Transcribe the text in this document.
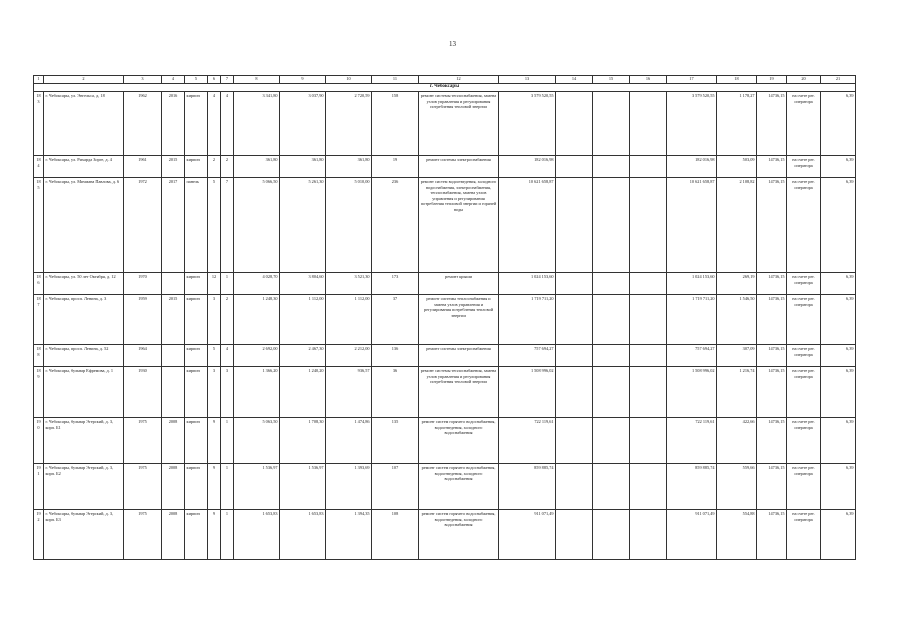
13
1	2	3	4	5	6	7	8	9	10	11	12	13	14	15	16	17	18	19	20	21
г. Чебоксары																				
183	г. Чебоксары, ул. Энгельса, д. 18	1962	2016	кирпич	4	4	3 341,80	3 037,90	2 720,59	158	ремонт системы теплоснабжения, замена узлов управления и регулирования потребления тепловой энергии	3 579 520,55				3 579 520,55	1 178,27	14736,15	на счете рег. оператора	6,39
184	г. Чебоксары, ул. Рихарда Зорге, д. 4	1961	2015	кирпич	2	2	361,80	361,80	361,80	19	ремонт системы электроснабжения	182 016,98				182 016,98	503,09	14736,15	на счете рег. оператора	6,39
185	г. Чебоксары, ул. Мичмана Павлова, д. 6	1972	2017	панель	5	7	5 066,50	5 261,30	5 010,00	236	ремонт систем водоотведения, холодного водоснабжения, электроснабжения, теплоснабжения, замена узлов управления и регулирования потребления тепловой энергии и горячей воды	10 621 658,87				10 621 658,87	2 108,82	14736,15	на счете рег. оператора	6,39
186	г. Чебоксары, ул. 50 лет Октября, д. 12	1970		кирпич	12	1	4 028,70	3 804,60	3 521,30	173	ремонт крыши	1 024 153,60				1 024 153,60	269,19	14736,15	на счете рег. оператора	6,39
187	г. Чебоксары, просп. Ленина, д. 3	1959	2015	кирпич	3	2	1 248,30	1 112,00	1 112,00	37	ремонт системы теплоснабжения и замена узлов управления и регулирования потребления тепловой энергии	1 719 711,20				1 719 711,20	1 546,50	14736,15	на счете рег. оператора	6,39
188	г. Чебоксары, просп. Ленина, д. 52	1964		кирпич	5	4	2 692,00	2 467,30	2 212,00	136	ремонт системы электроснабжения	757 694,27				757 694,27	307,09	14736,15	на счете рег. оператора	6,39
189	г. Чебоксары, бульвар Ефремова, д. 1	1930		кирпич	3	3	1 366,20	1 240,20	936,57	36	ремонт системы теплоснабжения, замена узлов управления и регулирования потребления тепловой энергии	1 508 996,02				1 508 996,02	1 216,74	14736,15	на счете рег. оператора	6,39
190	г. Чебоксары, бульвар Эгерский, д. 3, корп. Б1	1975	2008	кирпич	9	1	5 063,50	1 708,30	1 474,86	135	ремонт систем горячего водоснабжения, водоотведения, холодного водоснабжения	722 119,61				722 119,61	422,66	14736,15	на счете рег. оператора	6,39
191	г. Чебоксары, бульвар Эгерский, д. 3, корп. Б2	1975	2008	кирпич	9	1	1 536,97	1 536,97	1 393,69	107	ремонт систем горячего водоснабжения, водоотведения, холодного водоснабжения	859 885,74				859 885,74	559,66	14736,15	на счете рег. оператора	6,39
192	г. Чебоксары, бульвар Эгерский, д. 3, корп. Б3	1975	2008	кирпич	9	1	1 653,83	1 653,83	1 394,35	108	ремонт систем горячего водоснабжения, водоотведения, холодного водоснабжения	911 071,49				911 071,49	554,88	14736,15	на счете рег. оператора	6,39
